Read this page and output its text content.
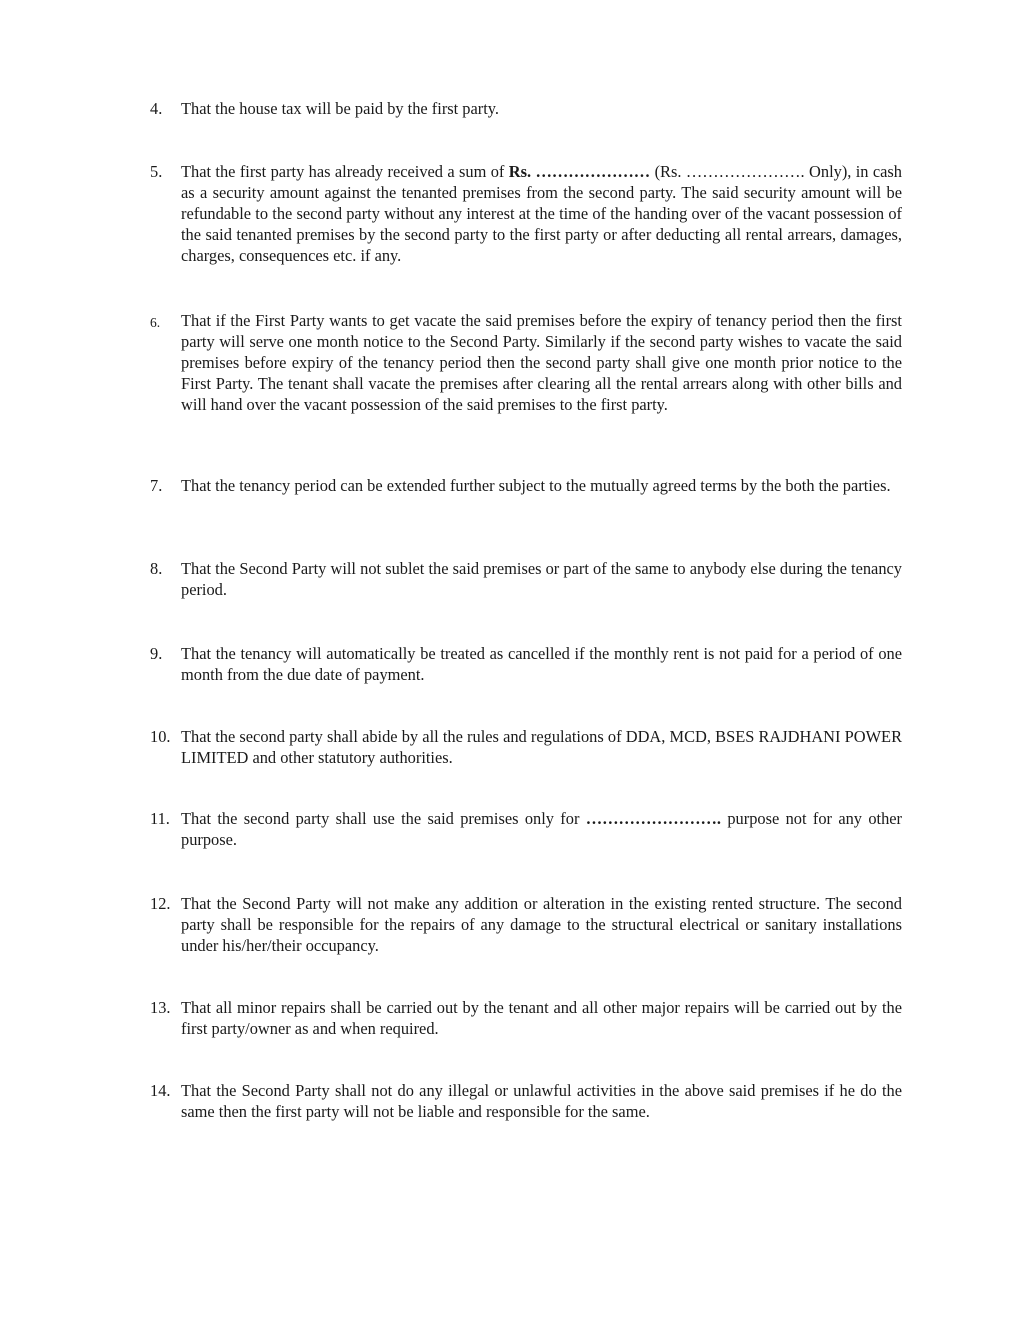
4.	That the house tax will be paid by the first party.
5.	That the first party has already received a sum of Rs. ………………… (Rs. …………………. Only), in cash as a security amount against the tenanted premises from the second party. The said security amount will be refundable to the second party without any interest at the time of the handing over of the vacant possession of the said tenanted premises by the second party to the first party or after deducting all rental arrears, damages, charges, consequences etc. if any.
6.	That if the First Party wants to get vacate the said premises before the expiry of tenancy period then the first party will serve one month notice to the Second Party. Similarly if the second party wishes to vacate the said premises before expiry of the tenancy period then the second party shall give one month prior notice to the First Party. The tenant shall vacate the premises after clearing all the rental arrears along with other bills and will hand over the vacant possession of the said premises to the first party.
7.	That the tenancy period can be extended further subject to the mutually agreed terms by the both the parties.
8.	That the Second Party will not sublet the said premises or part of the same to anybody else during the tenancy period.
9.	That the tenancy will automatically be treated as cancelled if the monthly rent is not paid for a period of one month from the due date of payment.
10. That the second party shall abide by all the rules and regulations of DDA, MCD, BSES RAJDHANI POWER LIMITED and other statutory authorities.
11. That the second party shall use the said premises only for ……………………. purpose not for any other purpose.
12. That the Second Party will not make any addition or alteration in the existing rented structure. The second party shall be responsible for the repairs of any damage to the structural electrical or sanitary installations under his/her/their occupancy.
13. That all minor repairs shall be carried out by the tenant and all other major repairs will be carried out by the first party/owner as and when required.
14. That the Second Party shall not do any illegal or unlawful activities in the above said premises if he do the same then the first party will not be liable and responsible for the same.
